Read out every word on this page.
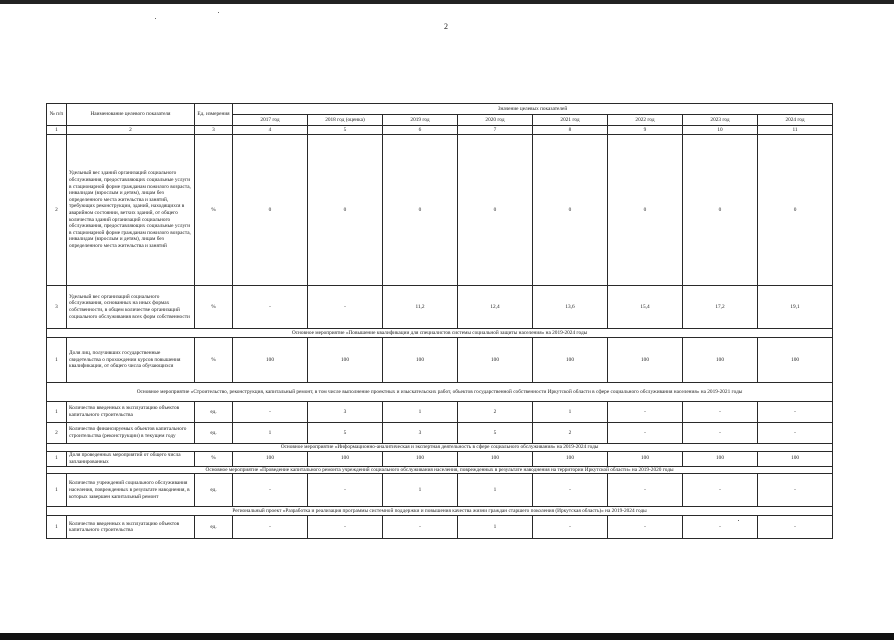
2
№ п/п	Наименование целевого показателя	Ед. измерения	Значение целевых показателей							
			2017 год	2018 год (оценка)	2019 год	2020 год	2021 год	2022 год	2023 год	2024 год
1	2	3	4	5	6	7	8	9	10	11
2	Удельный вес зданий организаций социального обслуживания, предоставляющих социальные услуги в стационарной форме гражданам пожилого возраста, инвалидам (взрослым и детям), лицам без определенного места жительства и занятий, требующих реконструкции, зданий, находящихся в аварийном состоянии, ветхих зданий, от общего количества зданий организаций социального обслуживания, предоставляющих социальные услуги в стационарной форме гражданам пожилого возраста, инвалидам (взрослым и детям), лицам без определенного места жительства и занятий	%	0	0	0	0	0	0	0	0
3	Удельный вес организаций социального обслуживания, основанных на иных формах собственности, в общем количестве организаций социального обслуживания всех форм собственности	%	-	-	11,2	12,4	13,6	15,4	17,2	19,1
Основное мероприятие «Повышение квалификации для специалистов системы социальной защиты населения» на 2019-2024 годы										
1	Доля лиц, получивших государственные свидетельства о прохождении курсов повышения квалификации, от общего числа обучающихся	%	100	100	100	100	100	100	100	100
Основное мероприятие «Строительство, реконструкция, капитальный ремонт, в том числе выполнение проектных и изыскательских работ, объектов государственной собственности Иркутской области в сфере социального обслуживания населения» на 2019-2021 годы										
1	Количество введенных в эксплуатацию объектов капитального строительства	ед.	-	3	1	2	1	-	-	-
2	Количество финансируемых объектов капитального строительства (реконструкции) в текущем году	ед.	1	5	3	5	2	-	-	-
Основное мероприятие «Информационно-аналитическая и экспертная деятельность в сфере социального обслуживания» на 2019-2024 годы										
1	Доля проведенных мероприятий от общего числа запланированных	%	100	100	100	100	100	100	100	100
Основное мероприятие «Проведение капитального ремонта учреждений социального обслуживания населения, поврежденных в результате наводнения на территории Иркутской области» на 2019-2020 годы										
1	Количество учреждений социального обслуживания населения, поврежденных в результате наводнения, в которых завершен капитальный ремонт	ед.	-	-	1	1	-	-	-	-
Региональный проект «Разработка и реализация программы системной поддержки и повышения качества жизни граждан старшего поколения (Иркутская область)» на 2019-2024 годы										
1	Количество введенных в эксплуатацию объектов капитального строительства	ед.	-	-	-	1	-	-	-	-
